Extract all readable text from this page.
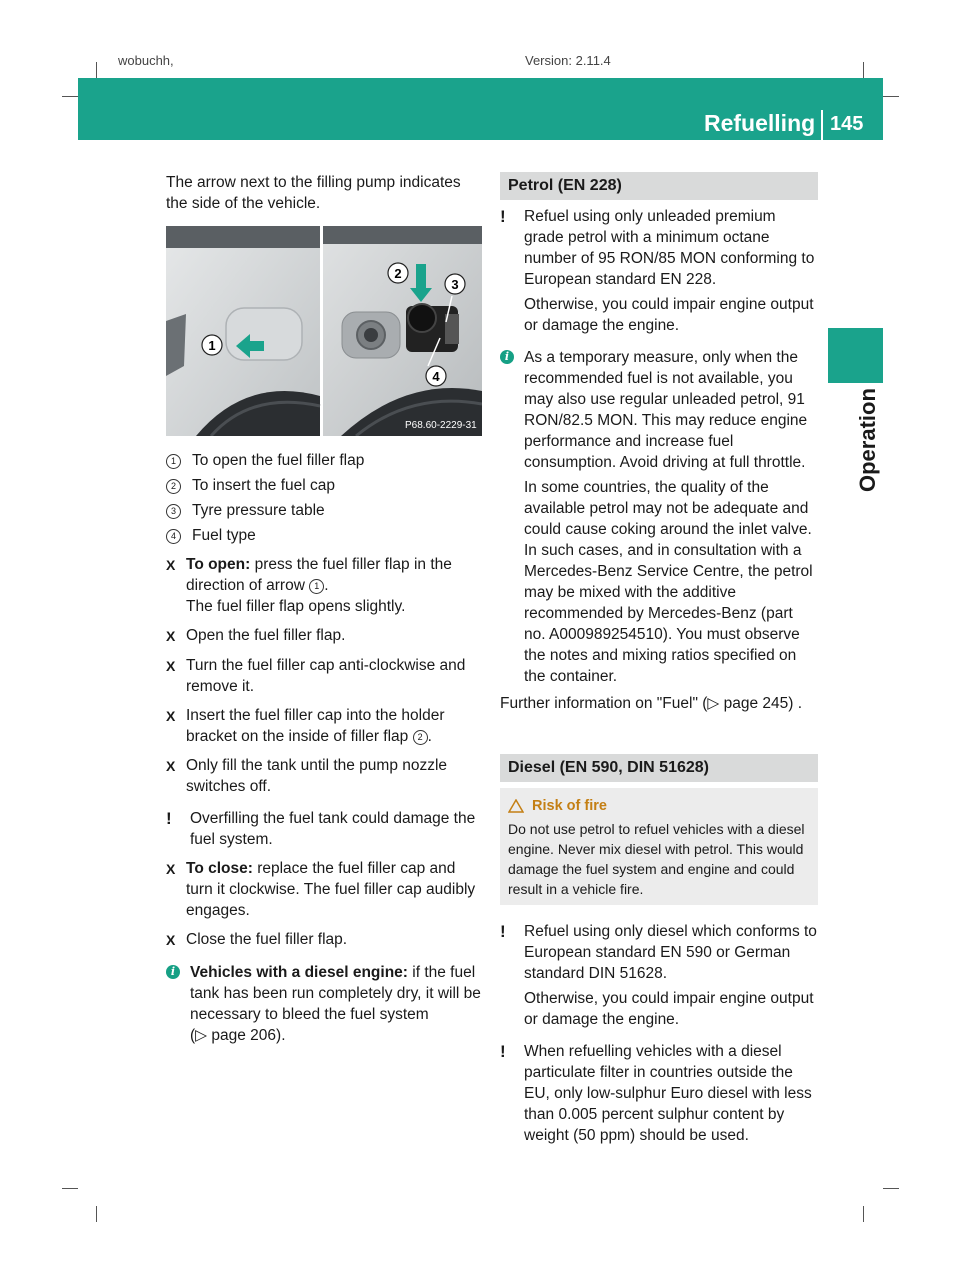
wobuchh,	Version: 2.11.4
Refuelling 145
Operation

The arrow next to the filling pump indicates the side of the vehicle.

P68.60-2229-31
1
2
3
4
1	To open the fuel filler flap
2	To insert the fuel cap
3	Tyre pressure table
4	Fuel type
X To open: press the fuel filler flap in the direction of arrow 1 .
The fuel filler flap opens slightly.
X Open the fuel filler flap.
X Turn the fuel filler cap anti-clockwise and remove it.
X Insert the fuel filler cap into the holder bracket on the inside of filler flap 2 .
X Only fill the tank until the pump nozzle switches off.
!	Overfilling the fuel tank could damage the fuel system.
X To close: replace the fuel filler cap and turn it clockwise. The fuel filler cap audibly engages.
X Close the fuel filler flap.
i Vehicles with a diesel engine: if the fuel tank has been run completely dry, it will be necessary to bleed the fuel system
(▷ page 206).
Petrol (EN 228)
!	Refuel using only unleaded premium grade petrol with a minimum octane number of 95 RON/85 MON conforming to European standard EN 228.

Otherwise, you could impair engine output or damage the engine.
i As a temporary measure, only when the recommended fuel is not available, you may also use regular unleaded petrol, 91 RON/82.5 MON. This may reduce engine performance and increase fuel consumption. Avoid driving at full throttle.
In some countries, the quality of the available petrol may not be adequate and could cause coking around the inlet valve. In such cases, and in consultation with a Mercedes-Benz Service Centre, the petrol may be mixed with the additive recommended by Mercedes-Benz (part no. A000989254510). You must observe the notes and mixing ratios specified on the container.

Further information on "Fuel" (▷ page 245) .

Diesel (EN 590, DIN 51628)
Risk of fire
Do not use petrol to refuel vehicles with a diesel engine. Never mix diesel with petrol. This would damage the fuel system and engine and could result in a vehicle fire.
!	Refuel using only diesel which conforms to European standard EN 590 or German standard DIN 51628.
Otherwise, you could impair engine output or damage the engine.
!	When refuelling vehicles with a diesel particulate filter in countries outside the EU, only low-sulphur Euro diesel with less than 0.005 percent sulphur content by weight (50 ppm) should be used.
